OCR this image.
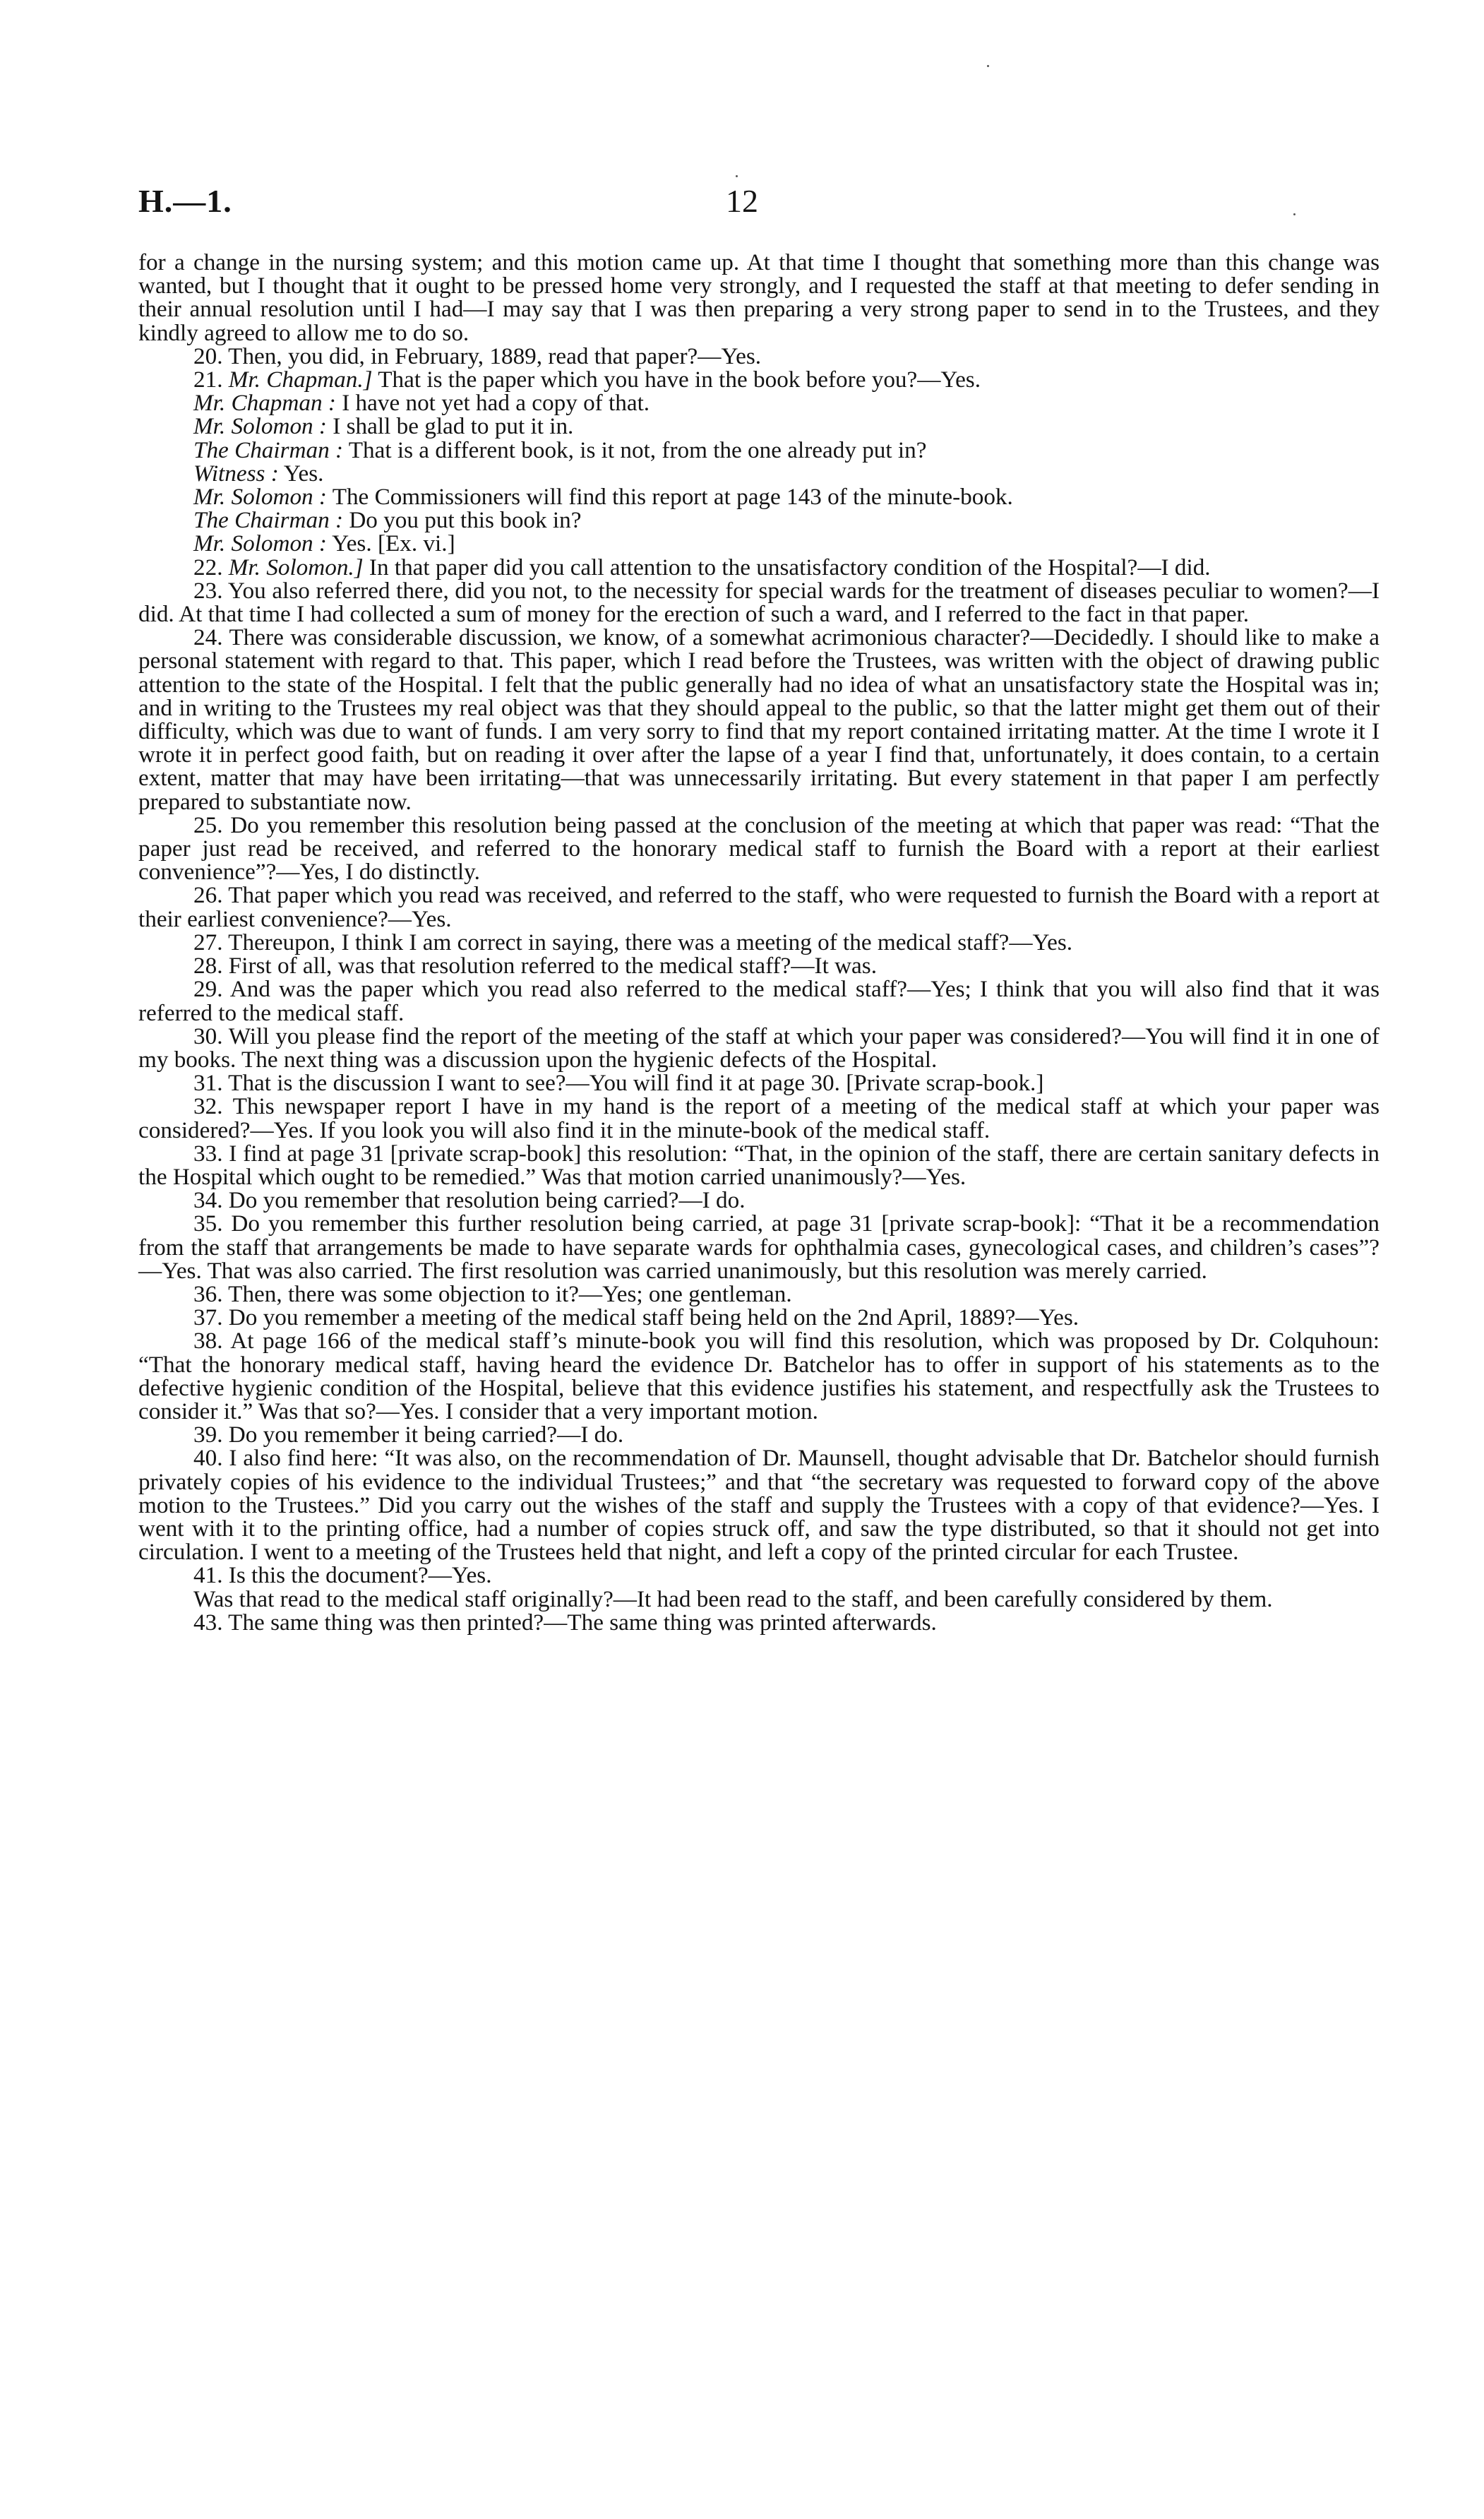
H.—1.	12

for a change in the nursing system; and this motion came up. At that time I thought that something more than this change was wanted, but I thought that it ought to be pressed home very strongly, and I requested the staff at that meeting to defer sending in their annual resolution until I had—I may say that I was then preparing a very strong paper to send in to the Trustees, and they kindly agreed to allow me to do so.

20. Then, you did, in February, 1889, read that paper?—Yes.

21. Mr. Chapman.] That is the paper which you have in the book before you?—Yes.

Mr. Chapman : I have not yet had a copy of that.

Mr. Solomon : I shall be glad to put it in.

The Chairman : That is a different book, is it not, from the one already put in?

Witness : Yes.

Mr. Solomon : The Commissioners will find this report at page 143 of the minute-book.

The Chairman : Do you put this book in?

Mr. Solomon : Yes. [Ex. vi.]

22. Mr. Solomon.] In that paper did you call attention to the unsatisfactory condition of the Hospital?—I did.

23. You also referred there, did you not, to the necessity for special wards for the treatment of diseases peculiar to women?—I did. At that time I had collected a sum of money for the erection of such a ward, and I referred to the fact in that paper.

24. There was considerable discussion, we know, of a somewhat acrimonious character?—Decidedly. I should like to make a personal statement with regard to that. This paper, which I read before the Trustees, was written with the object of drawing public attention to the state of the Hospital. I felt that the public generally had no idea of what an unsatisfactory state the Hospital was in; and in writing to the Trustees my real object was that they should appeal to the public, so that the latter might get them out of their difficulty, which was due to want of funds. I am very sorry to find that my report contained irritating matter. At the time I wrote it I wrote it in perfect good faith, but on reading it over after the lapse of a year I find that, unfortunately, it does contain, to a certain extent, matter that may have been irritating—that was unnecessarily irritating. But every statement in that paper I am perfectly prepared to substantiate now.

25. Do you remember this resolution being passed at the conclusion of the meeting at which that paper was read: “That the paper just read be received, and referred to the honorary medical staff to furnish the Board with a report at their earliest convenience”?—Yes, I do distinctly.

26. That paper which you read was received, and referred to the staff, who were requested to furnish the Board with a report at their earliest convenience?—Yes.

27. Thereupon, I think I am correct in saying, there was a meeting of the medical staff?—Yes.

28. First of all, was that resolution referred to the medical staff?—It was.

29. And was the paper which you read also referred to the medical staff?—Yes; I think that you will also find that it was referred to the medical staff.

30. Will you please find the report of the meeting of the staff at which your paper was considered?—You will find it in one of my books. The next thing was a discussion upon the hygienic defects of the Hospital.

31. That is the discussion I want to see?—You will find it at page 30. [Private scrap-book.]

32. This newspaper report I have in my hand is the report of a meeting of the medical staff at which your paper was considered?—Yes. If you look you will also find it in the minute-book of the medical staff.

33. I find at page 31 [private scrap-book] this resolution: “That, in the opinion of the staff, there are certain sanitary defects in the Hospital which ought to be remedied.” Was that motion carried unanimously?—Yes.

34. Do you remember that resolution being carried?—I do.

35. Do you remember this further resolution being carried, at page 31 [private scrap-book]: “That it be a recommendation from the staff that arrangements be made to have separate wards for ophthalmia cases, gynecological cases, and children’s cases”?—Yes. That was also carried. The first resolution was carried unanimously, but this resolution was merely carried.

36. Then, there was some objection to it?—Yes; one gentleman.

37. Do you remember a meeting of the medical staff being held on the 2nd April, 1889?—Yes.

38. At page 166 of the medical staff’s minute-book you will find this resolution, which was proposed by Dr. Colquhoun: “That the honorary medical staff, having heard the evidence Dr. Batchelor has to offer in support of his statements as to the defective hygienic condition of the Hospital, believe that this evidence justifies his statement, and respectfully ask the Trustees to consider it.” Was that so?—Yes. I consider that a very important motion.

39. Do you remember it being carried?—I do.

40. I also find here: “It was also, on the recommendation of Dr. Maunsell, thought advisable that Dr. Batchelor should furnish privately copies of his evidence to the individual Trustees;” and that “the secretary was requested to forward copy of the above motion to the Trustees.” Did you carry out the wishes of the staff and supply the Trustees with a copy of that evidence?—Yes. I went with it to the printing office, had a number of copies struck off, and saw the type distributed, so that it should not get into circulation. I went to a meeting of the Trustees held that night, and left a copy of the printed circular for each Trustee.

41. Is this the document?—Yes.

Was that read to the medical staff originally?—It had been read to the staff, and been carefully considered by them.

43. The same thing was then printed?—The same thing was printed afterwards.
